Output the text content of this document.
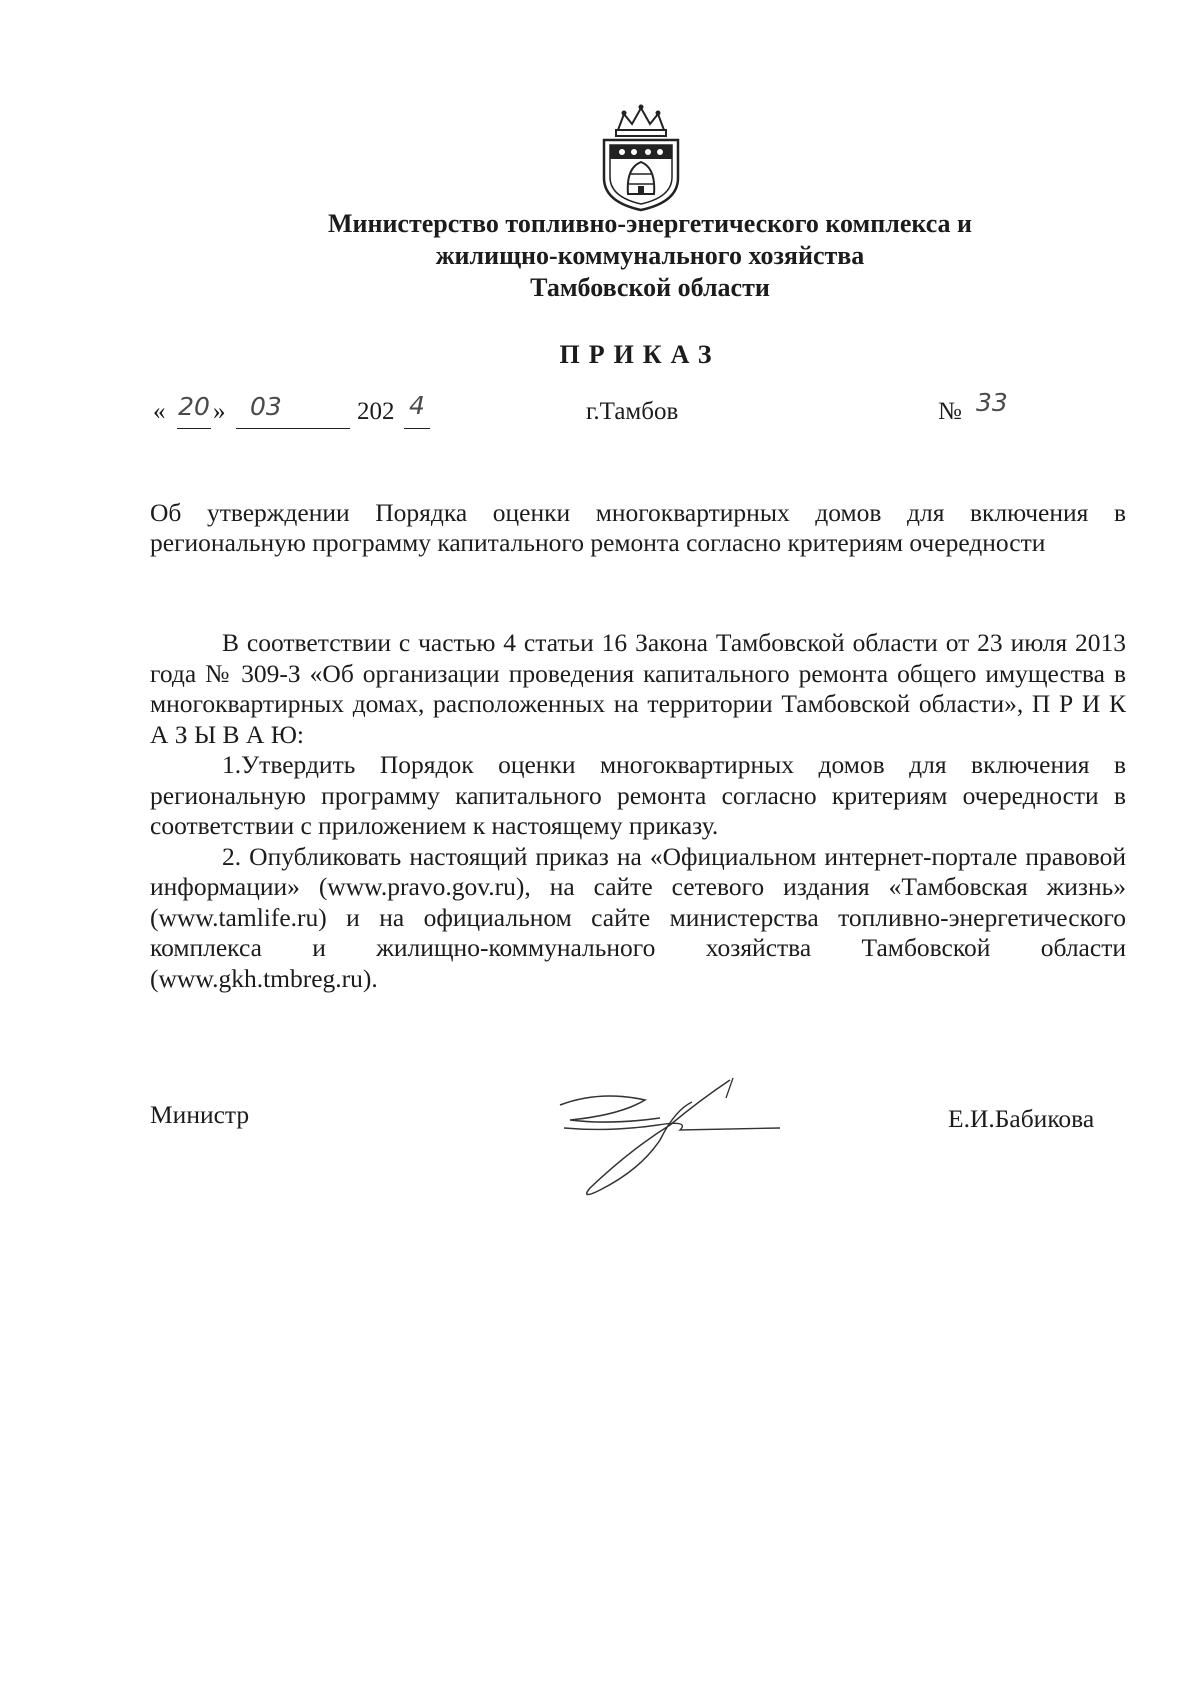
Министерство топливно-энергетического комплекса и
жилищно-коммунального хозяйства
Тамбовской области
ПРИКАЗ
« 20 » 03	202 4	г.Тамбов	№ 33
Об утверждении Порядка оценки многоквартирных домов для включения в региональную программу капитального ремонта согласно критериям очередности

В соответствии с частью 4 статьи 16 Закона Тамбовской области от 23 июля 2013 года № 309-З «Об организации проведения капитального ремонта общего имущества в многоквартирных домах, расположенных на территории Тамбовской области», П Р И К А З Ы В А Ю:

1.Утвердить Порядок оценки многоквартирных домов для включения в региональную программу капитального ремонта согласно критериям очередности в соответствии с приложением к настоящему приказу.

2. Опубликовать настоящий приказ на «Официальном интернет-портале правовой информации» (www.pravo.gov.ru), на сайте сетевого издания «Тамбовская жизнь» (www.tamlife.ru) и на официальном сайте министерства топливно-энергетического комплекса и жилищно-коммунального хозяйства Тамбовской области (www.gkh.tmbreg.ru).

Министр	Е.И.Бабикова
